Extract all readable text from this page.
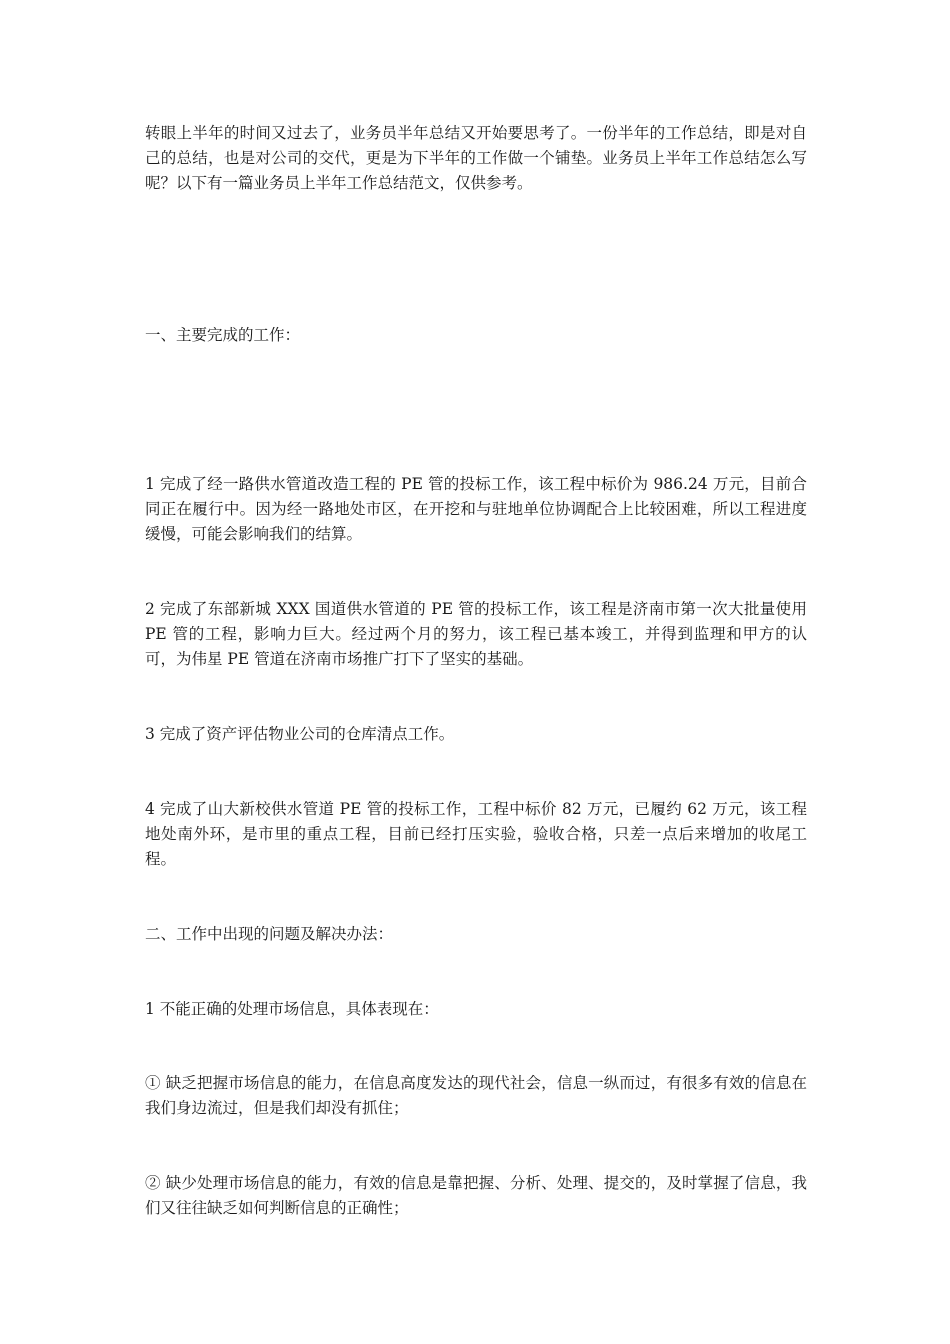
转眼上半年的时间又过去了，业务员半年总结又开始要思考了。一份半年的工作总结，即是对自己的总结，也是对公司的交代，更是为下半年的工作做一个铺垫。业务员上半年工作总结怎么写呢？以下有一篇业务员上半年工作总结范文，仅供参考。

一、主要完成的工作：

1 完成了经一路供水管道改造工程的 PE 管的投标工作，该工程中标价为 986.24 万元，目前合同正在履行中。因为经一路地处市区，在开挖和与驻地单位协调配合上比较困难，所以工程进度缓慢，可能会影响我们的结算。

2 完成了东部新城 XXX 国道供水管道的 PE 管的投标工作，该工程是济南市第一次大批量使用 PE 管的工程，影响力巨大。经过两个月的努力，该工程已基本竣工，并得到监理和甲方的认可，为伟星 PE 管道在济南市场推广打下了坚实的基础。

3 完成了资产评估物业公司的仓库清点工作。

4 完成了山大新校供水管道 PE 管的投标工作，工程中标价 82 万元，已履约 62 万元，该工程地处南外环，是市里的重点工程，目前已经打压实验，验收合格，只差一点后来增加的收尾工程。

二、工作中出现的问题及解决办法：

1 不能正确的处理市场信息，具体表现在：

① 缺乏把握市场信息的能力，在信息高度发达的现代社会，信息一纵而过，有很多有效的信息在我们身边流过，但是我们却没有抓住；

② 缺少处理市场信息的能力，有效的信息是靠把握、分析、处理、提交的，及时掌握了信息，我们又往往缺乏如何判断信息的正确性；
